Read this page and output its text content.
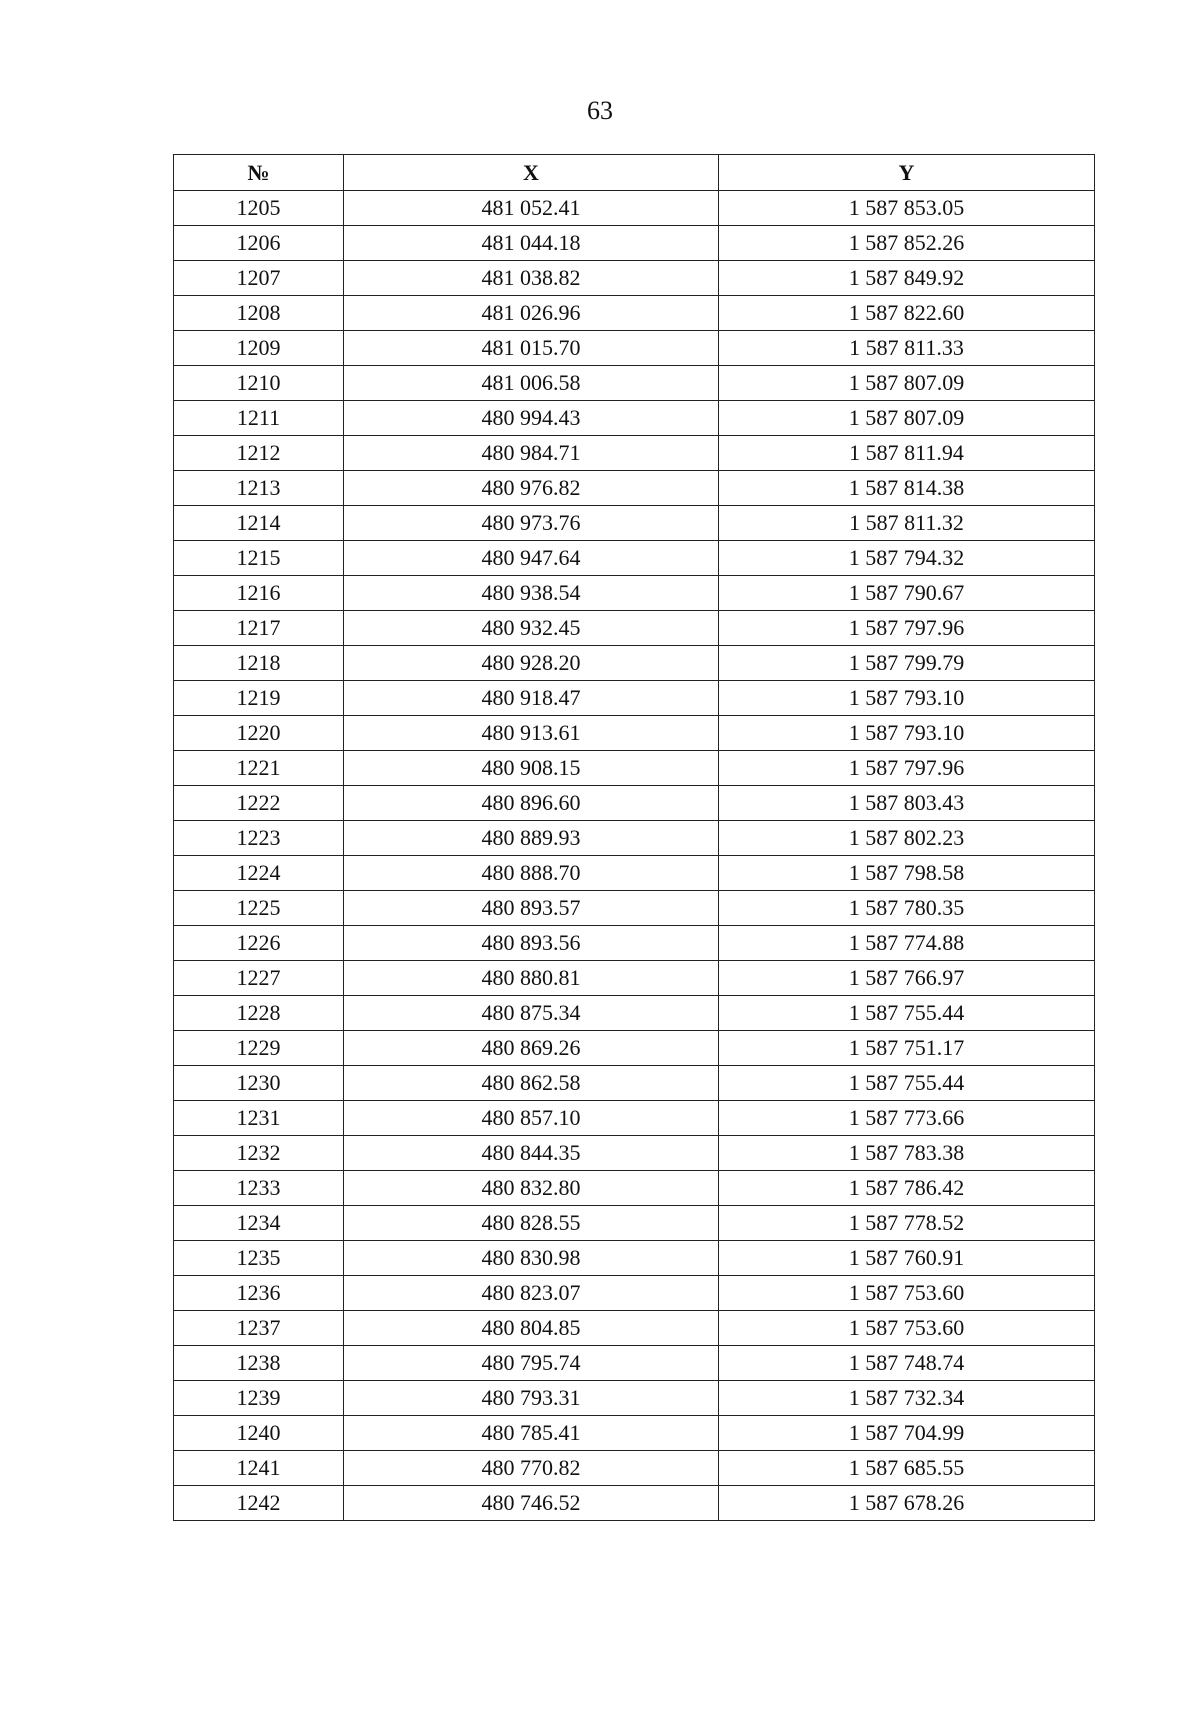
63
№	X	Y
1205	481 052.41	1 587 853.05
1206	481 044.18	1 587 852.26
1207	481 038.82	1 587 849.92
1208	481 026.96	1 587 822.60
1209	481 015.70	1 587 811.33
1210	481 006.58	1 587 807.09
1211	480 994.43	1 587 807.09
1212	480 984.71	1 587 811.94
1213	480 976.82	1 587 814.38
1214	480 973.76	1 587 811.32
1215	480 947.64	1 587 794.32
1216	480 938.54	1 587 790.67
1217	480 932.45	1 587 797.96
1218	480 928.20	1 587 799.79
1219	480 918.47	1 587 793.10
1220	480 913.61	1 587 793.10
1221	480 908.15	1 587 797.96
1222	480 896.60	1 587 803.43
1223	480 889.93	1 587 802.23
1224	480 888.70	1 587 798.58
1225	480 893.57	1 587 780.35
1226	480 893.56	1 587 774.88
1227	480 880.81	1 587 766.97
1228	480 875.34	1 587 755.44
1229	480 869.26	1 587 751.17
1230	480 862.58	1 587 755.44
1231	480 857.10	1 587 773.66
1232	480 844.35	1 587 783.38
1233	480 832.80	1 587 786.42
1234	480 828.55	1 587 778.52
1235	480 830.98	1 587 760.91
1236	480 823.07	1 587 753.60
1237	480 804.85	1 587 753.60
1238	480 795.74	1 587 748.74
1239	480 793.31	1 587 732.34
1240	480 785.41	1 587 704.99
1241	480 770.82	1 587 685.55
1242	480 746.52	1 587 678.26
